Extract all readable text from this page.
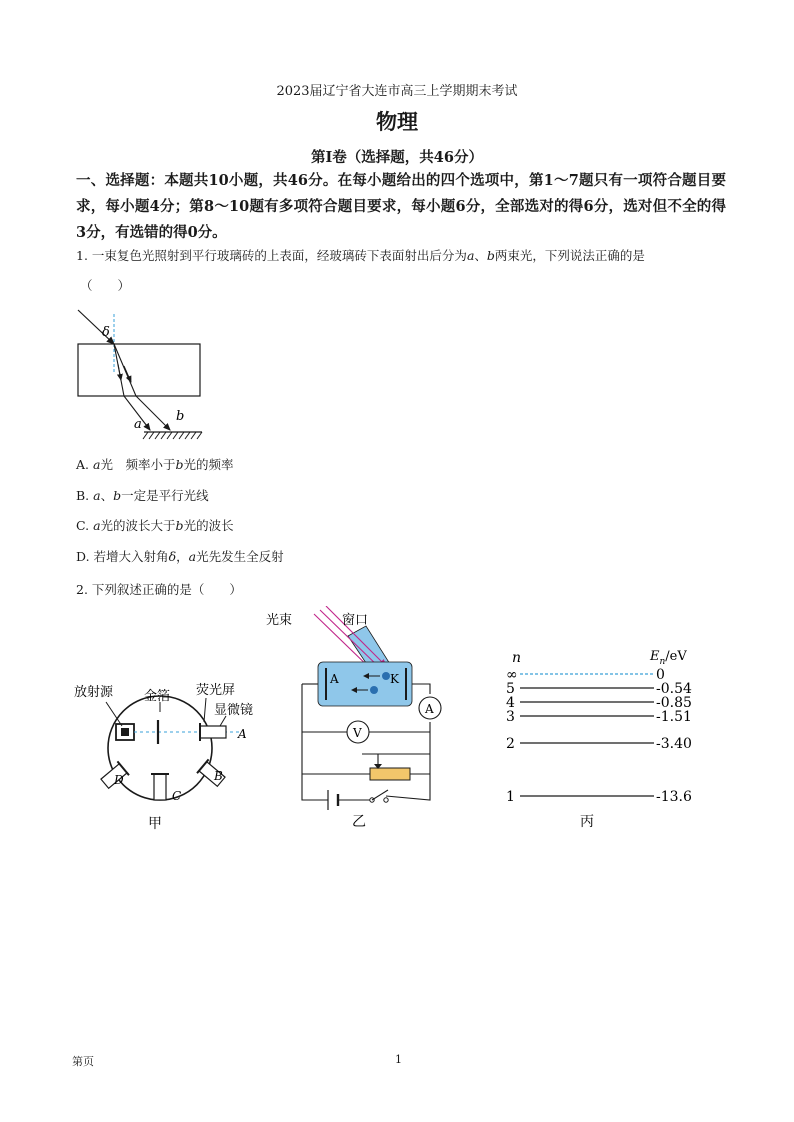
2023届辽宁省大连市高三上学期期末考试
物理
第Ⅰ卷（选择题，共46分）
一、选择题：本题共10小题，共46分。在每小题给出的四个选项中，第1～7题只有一项符合题目要求，每小题4分；第8～10题有多项符合题目要求，每小题6分，全部选对的得6分，选对但不全的得3分，有选错的得0分。
1. 一束复色光照射到平行玻璃砖的上表面，经玻璃砖下表面射出后分为a、b两束光，下列说法正确的是
（　　）
δ
a
b
A. a光　频率小于b光的频率
B. a、b一定是平行光线
C. a光的波长大于b光的波长
D. 若增大入射角δ，a光先发生全反射
2. 下列叙述正确的是（　　）
放射源 金箔 荧光屏
显微镜
A
B
C
D
甲
A	K
A
V
光束	窗口
乙
n	$E_n/eV$
∞	0
5	-0.54
4	-0.85
3	-1.51
2	-3.40
1	-13.6
丙
第页	1
